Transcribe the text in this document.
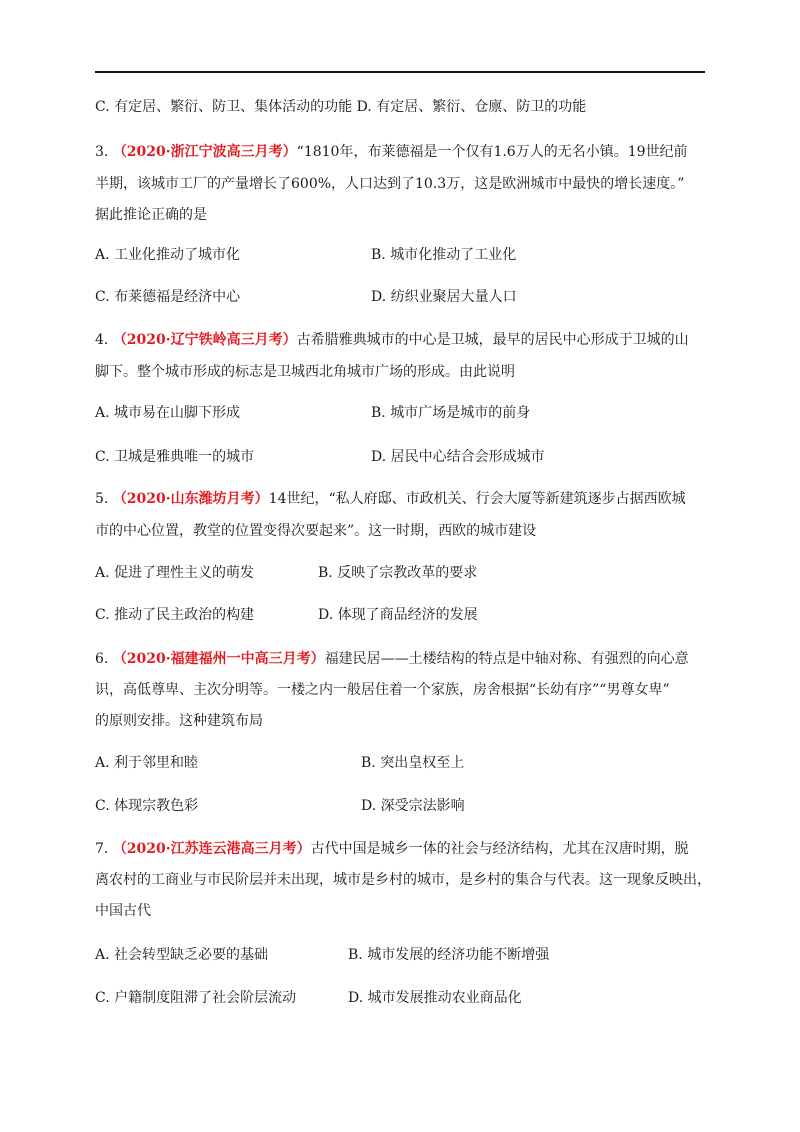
C. 有定居、繁衍、防卫、集体活动的功能 D. 有定居、繁衍、仓廪、防卫的功能
3. （2020·浙江宁波高三月考）“1810年，布莱德福是一个仅有1.6万人的无名小镇。19世纪前
半期，该城市工厂的产量增长了600%，人口达到了10.3万，这是欧洲城市中最快的增长速度。”
据此推论正确的是
A. 工业化推动了城市化	B. 城市化推动了工业化
C. 布莱德福是经济中心	D. 纺织业聚居大量人口
4. （2020·辽宁铁岭高三月考）古希腊雅典城市的中心是卫城，最早的居民中心形成于卫城的山
脚下。整个城市形成的标志是卫城西北角城市广场的形成。由此说明
A. 城市易在山脚下形成	B. 城市广场是城市的前身
C. 卫城是雅典唯一的城市	D. 居民中心结合会形成城市
5. （2020·山东潍坊月考）14世纪，“私人府邸、市政机关、行会大厦等新建筑逐步占据西欧城
市的中心位置，教堂的位置变得次要起来”。这一时期，西欧的城市建设
A. 促进了理性主义的萌发	B. 反映了宗教改革的要求
C. 推动了民主政治的构建	D. 体现了商品经济的发展
6. （2020·福建福州一中高三月考）福建民居——土楼结构的特点是中轴对称、有强烈的向心意
识，高低尊卑、主次分明等。一楼之内一般居住着一个家族，房舍根据“长幼有序”“男尊女卑”
的原则安排。这种建筑布局
A. 利于邻里和睦	B. 突出皇权至上
C. 体现宗教色彩	D. 深受宗法影响
7. （2020·江苏连云港高三月考）古代中国是城乡一体的社会与经济结构，尤其在汉唐时期，脱
离农村的工商业与市民阶层并未出现，城市是乡村的城市，是乡村的集合与代表。这一现象反映出，
中国古代
A. 社会转型缺乏必要的基础	B. 城市发展的经济功能不断增强
C. 户籍制度阻滞了社会阶层流动	D. 城市发展推动农业商品化
